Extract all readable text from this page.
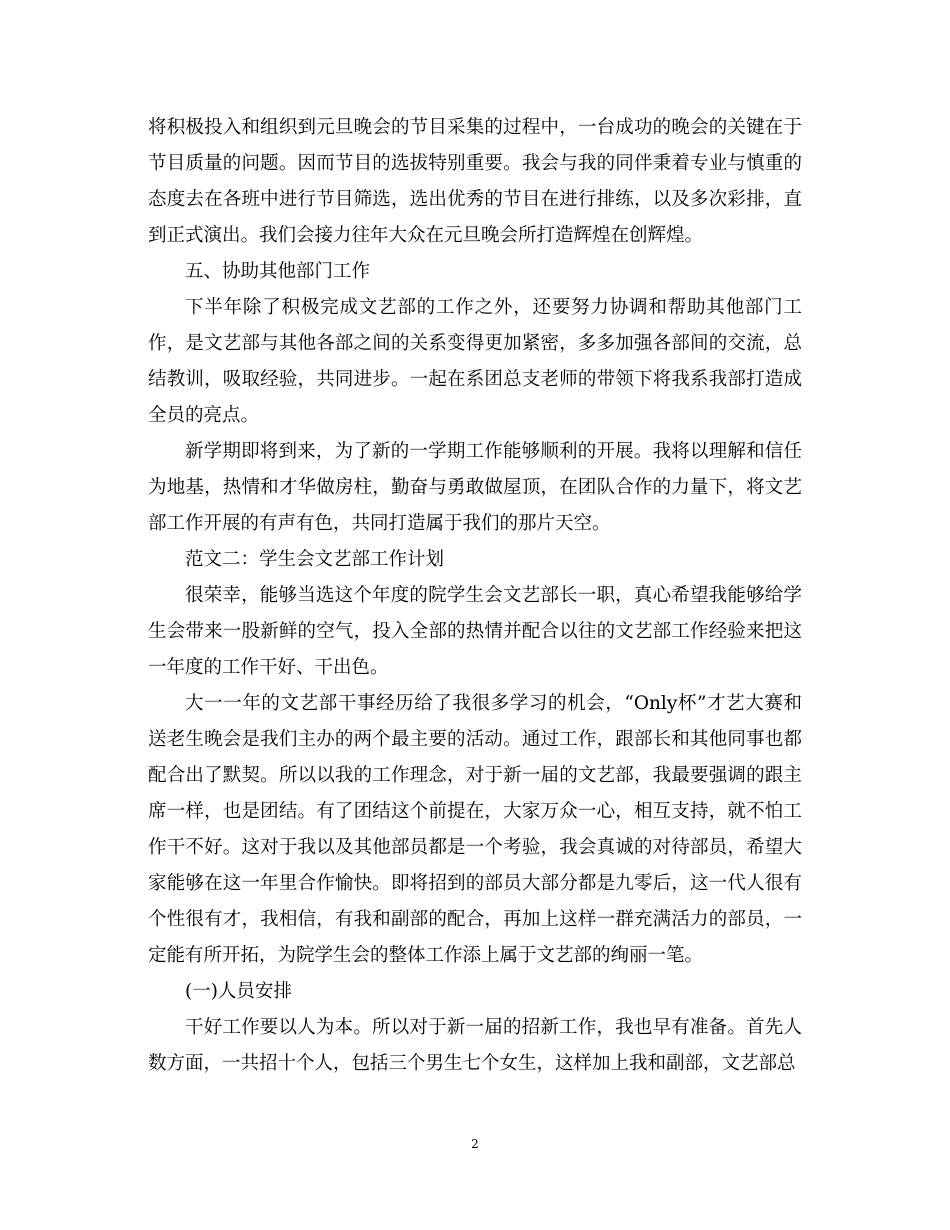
将积极投入和组织到元旦晚会的节目采集的过程中，一台成功的晚会的关键在于节目质量的问题。因而节目的选拔特别重要。我会与我的同伴秉着专业与慎重的态度去在各班中进行节目筛选，选出优秀的节目在进行排练，以及多次彩排，直到正式演出。我们会接力往年大众在元旦晚会所打造辉煌在创辉煌。

五、协助其他部门工作

下半年除了积极完成文艺部的工作之外，还要努力协调和帮助其他部门工作，是文艺部与其他各部之间的关系变得更加紧密，多多加强各部间的交流，总结教训，吸取经验，共同进步。一起在系团总支老师的带领下将我系我部打造成全员的亮点。

新学期即将到来，为了新的一学期工作能够顺利的开展。我将以理解和信任为地基，热情和才华做房柱，勤奋与勇敢做屋顶，在团队合作的力量下，将文艺部工作开展的有声有色，共同打造属于我们的那片天空。

范文二：学生会文艺部工作计划

很荣幸，能够当选这个年度的院学生会文艺部长一职，真心希望我能够给学生会带来一股新鲜的空气，投入全部的热情并配合以往的文艺部工作经验来把这一年度的工作干好、干出色。

大一一年的文艺部干事经历给了我很多学习的机会，“Only杯”才艺大赛和送老生晚会是我们主办的两个最主要的活动。通过工作，跟部长和其他同事也都配合出了默契。所以以我的工作理念，对于新一届的文艺部，我最要强调的跟主席一样，也是团结。有了团结这个前提在，大家万众一心，相互支持，就不怕工作干不好。这对于我以及其他部员都是一个考验，我会真诚的对待部员，希望大家能够在这一年里合作愉快。即将招到的部员大部分都是九零后，这一代人很有个性很有才，我相信，有我和副部的配合，再加上这样一群充满活力的部员，一定能有所开拓，为院学生会的整体工作添上属于文艺部的绚丽一笔。

(一)人员安排

干好工作要以人为本。所以对于新一届的招新工作，我也早有准备。首先人数方面，一共招十个人，包括三个男生七个女生，这样加上我和副部，文艺部总

2
